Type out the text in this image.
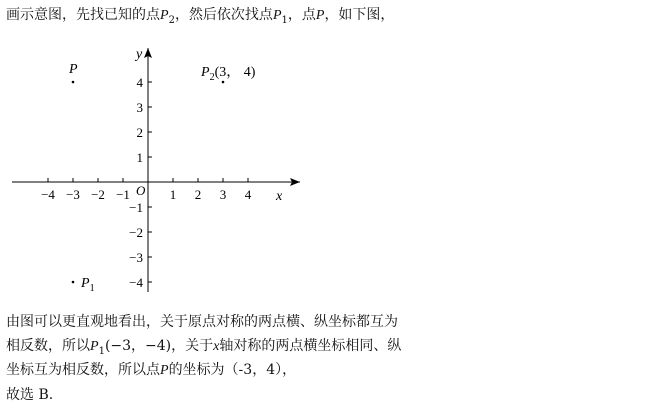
画示意图，先找已知的点$P_2$，然后依次找点$P_1$，点P，如下图，
x
y
O
−4 −3 −2 −1	1 2 3 4
−4
−3
−2
−1
1
2
3
4
P	$P_2(3$， 4)
$P_1$
由图可以更直观地看出，关于原点对称的两点横、纵坐标都互为
相反数，所以$P_1(-3$，−4)，关于x轴对称的两点横坐标相同、纵
坐标互为相反数，所以点P的坐标为（-3，4），
故选 B.
